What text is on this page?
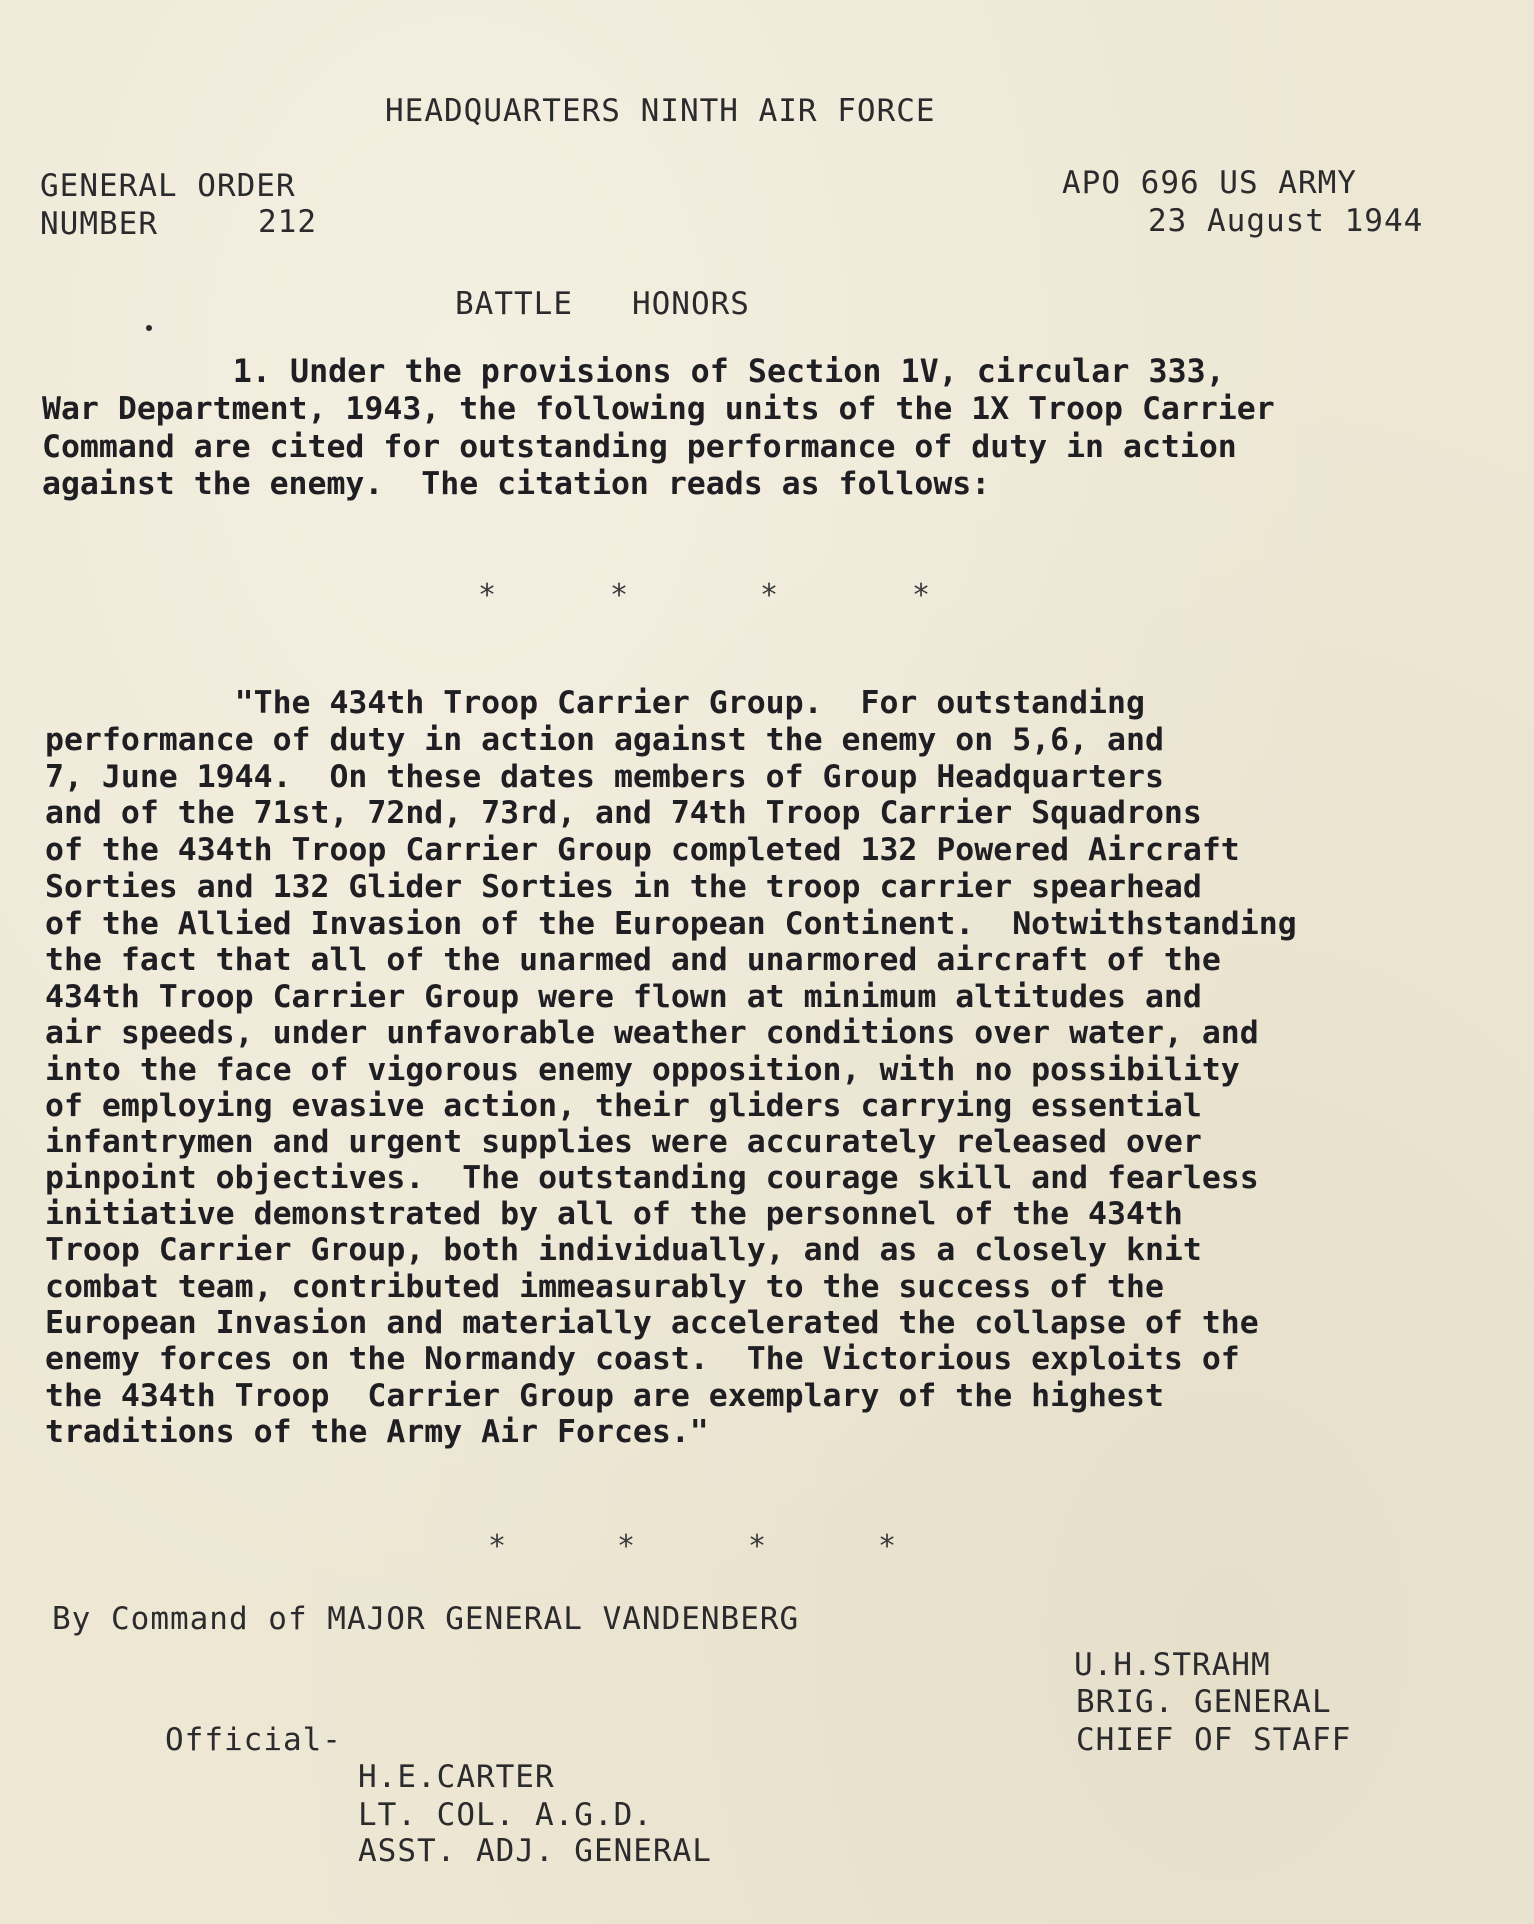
HEADQUARTERS NINTH AIR FORCE

GENERAL ORDER

NUMBER	212

APO 696 US ARMY

23 August 1944

BATTLE   HONORS

1. Under the provisions of Section 1V, circular 333,

War Department, 1943, the following units of the 1X Troop Carrier

Command are cited for outstanding performance of duty in action

against the enemy.  The citation reads as follows:

*	*	*	*

"The 434th Troop Carrier Group.  For outstanding

performance of duty in action against the enemy on 5,6, and

7, June 1944.  On these dates members of Group Headquarters

and of the 71st, 72nd, 73rd, and 74th Troop Carrier Squadrons

of the 434th Troop Carrier Group completed 132 Powered Aircraft

Sorties and 132 Glider Sorties in the troop carrier spearhead

of the Allied Invasion of the European Continent.  Notwithstanding

the fact that all of the unarmed and unarmored aircraft of the

434th Troop Carrier Group were flown at minimum altitudes and

air speeds, under unfavorable weather conditions over water, and

into the face of vigorous enemy opposition, with no possibility

of employing evasive action, their gliders carrying essential

infantrymen and urgent supplies were accurately released over

pinpoint objectives.  The outstanding courage skill and fearless

initiative demonstrated by all of the personnel of the 434th

Troop Carrier Group, both individually, and as a closely knit

combat team, contributed immeasurably to the success of the

European Invasion and materially accelerated the collapse of the

enemy forces on the Normandy coast.  The Victorious exploits of

the 434th Troop  Carrier Group are exemplary of the highest

traditions of the Army Air Forces."

*	*	*	*

By Command of MAJOR GENERAL VANDENBERG

U.H.STRAHM

BRIG. GENERAL

CHIEF OF STAFF

Official-

H.E.CARTER

LT. COL. A.G.D.

ASST. ADJ. GENERAL
